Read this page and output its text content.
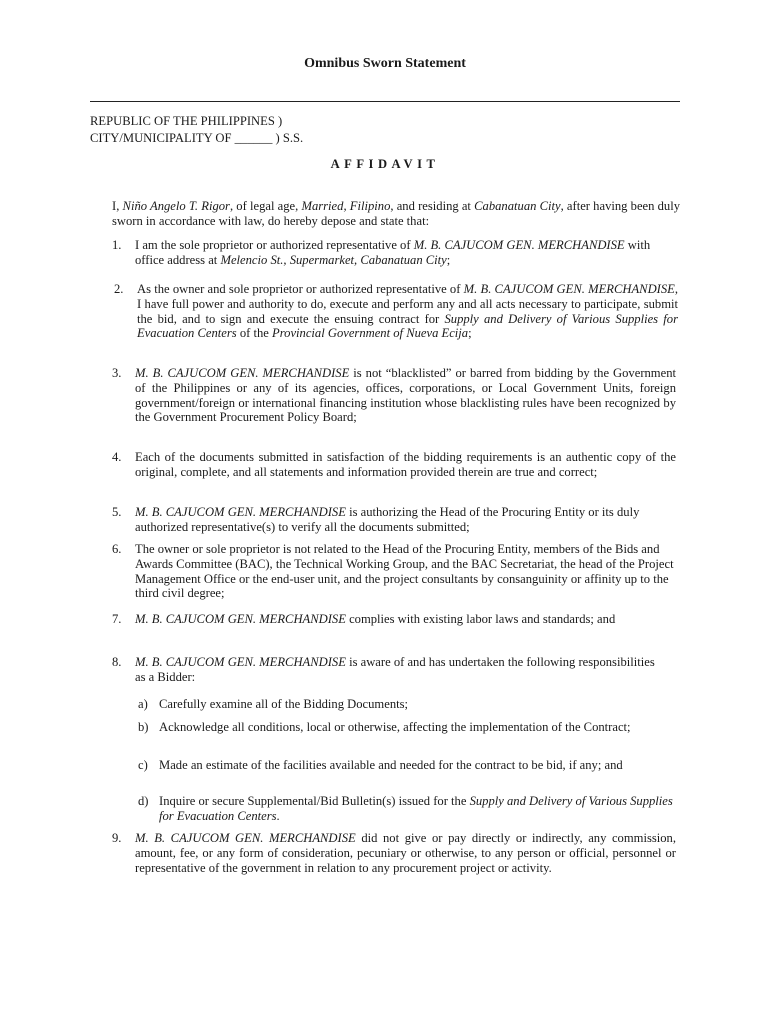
Omnibus Sworn Statement
REPUBLIC OF THE PHILIPPINES )
CITY/MUNICIPALITY OF ______ ) S.S.
AFFIDAVIT
I, Niño Angelo T. Rigor, of legal age, Married, Filipino, and residing at Cabanatuan City, after having been duly sworn in accordance with law, do hereby depose and state that:
1.	I am the sole proprietor or authorized representative of M. B. CAJUCOM GEN. MERCHANDISE with office address at Melencio St., Supermarket, Cabanatuan City;
2.	As the owner and sole proprietor or authorized representative of M. B. CAJUCOM GEN. MERCHANDISE, I have full power and authority to do, execute and perform any and all acts necessary to participate, submit the bid, and to sign and execute the ensuing contract for Supply and Delivery of Various Supplies for Evacuation Centers of the Provincial Government of Nueva Ecija;
3.	M. B. CAJUCOM GEN. MERCHANDISE is not “blacklisted” or barred from bidding by the Government of the Philippines or any of its agencies, offices, corporations, or Local Government Units, foreign government/foreign or international financing institution whose blacklisting rules have been recognized by the Government Procurement Policy Board;
4.	Each of the documents submitted in satisfaction of the bidding requirements is an authentic copy of the original, complete, and all statements and information provided therein are true and correct;
5.	M. B. CAJUCOM GEN. MERCHANDISE is authorizing the Head of the Procuring Entity or its duly authorized representative(s) to verify all the documents submitted;
6.	The owner or sole proprietor is not related to the Head of the Procuring Entity, members of the Bids and Awards Committee (BAC), the Technical Working Group, and the BAC Secretariat, the head of the Project Management Office or the end-user unit, and the project consultants by consanguinity or affinity up to the third civil degree;
7.	M. B. CAJUCOM GEN. MERCHANDISE complies with existing labor laws and standards; and
8.	M. B. CAJUCOM GEN. MERCHANDISE is aware of and has undertaken the following responsibilities as a Bidder:
a) Carefully examine all of the Bidding Documents;
b) Acknowledge all conditions, local or otherwise, affecting the implementation of the Contract;
c) Made an estimate of the facilities available and needed for the contract to be bid, if any; and
d) Inquire or secure Supplemental/Bid Bulletin(s) issued for the Supply and Delivery of Various Supplies for Evacuation Centers.
9.	M. B. CAJUCOM GEN. MERCHANDISE did not give or pay directly or indirectly, any commission, amount, fee, or any form of consideration, pecuniary or otherwise, to any person or official, personnel or representative of the government in relation to any procurement project or activity.
